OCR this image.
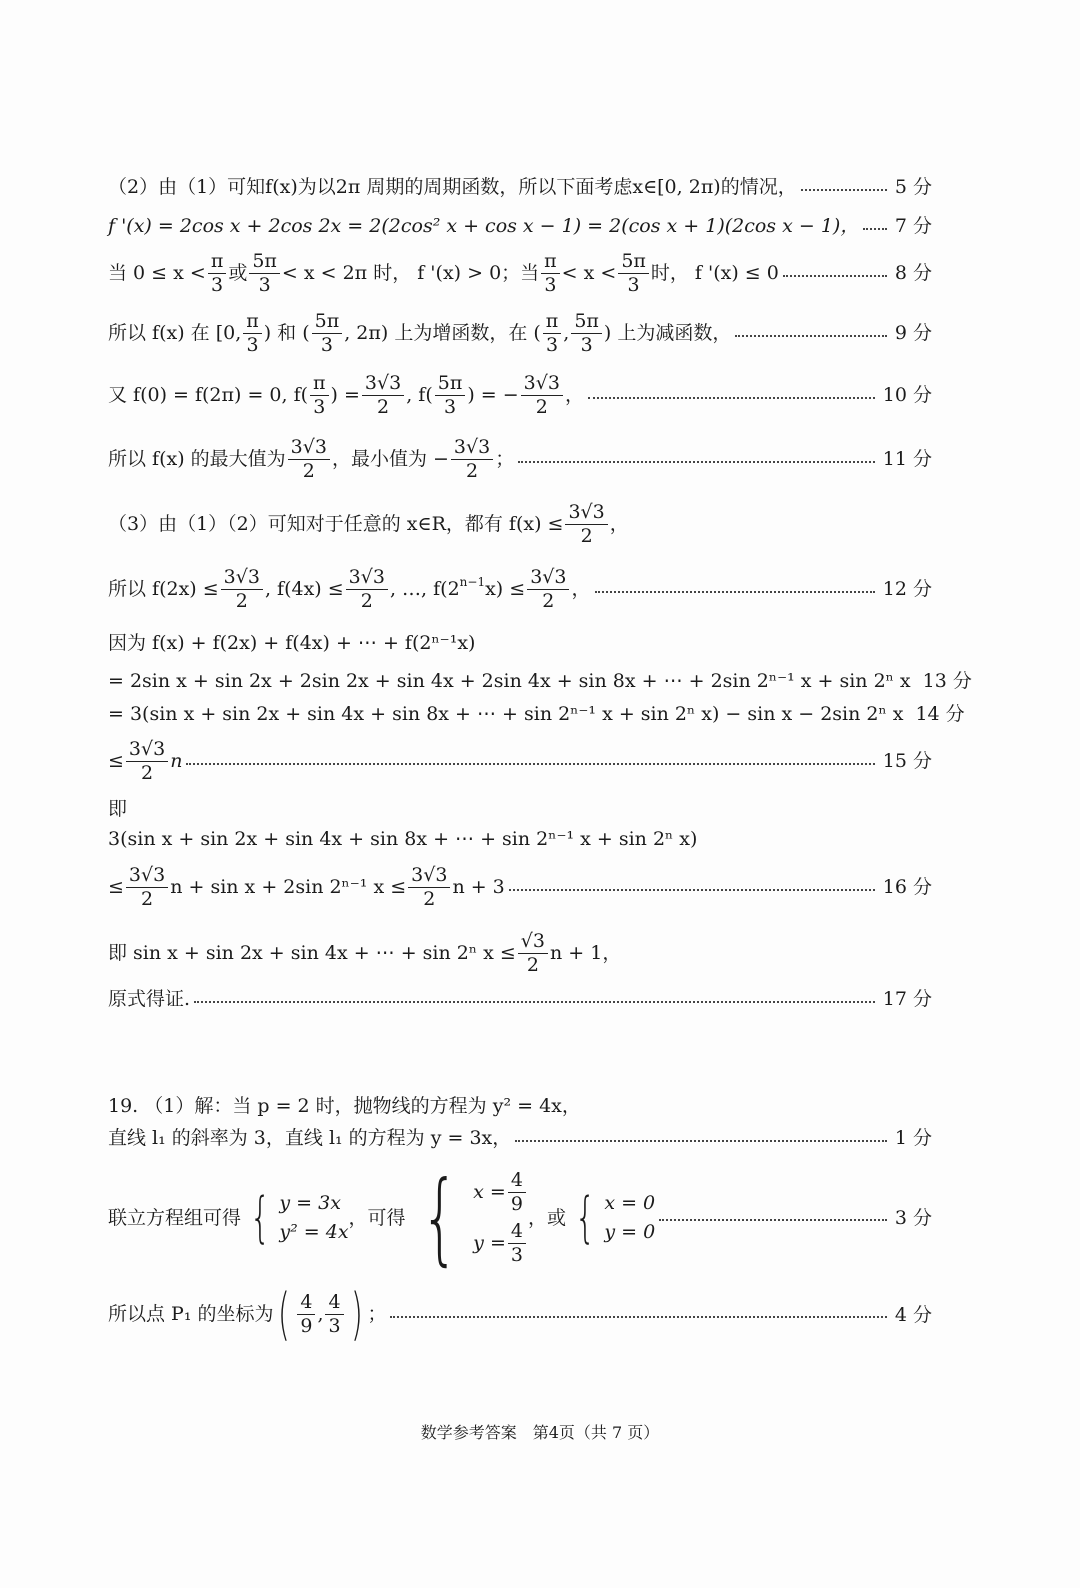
（2）由（1）可知f(x)为以2π 周期的周期函数，所以下面考虑x∈[0, 2π)的情况，	5 分
f '(x) = 2cos x + 2cos 2x = 2(2cos² x + cos x − 1) = 2(cos x + 1)(2cos x − 1)， 7 分
当 $0 \le x < \frac{\pi}{3}$ 或 $\frac{5\pi}{3} < x < 2\pi$ 时， f '(x) > 0；当 $\frac{\pi}{3} < x < \frac{5\pi}{3}$ 时， f '(x) ≤ 0	8 分
所以 f(x) 在 [0, $\frac{\pi}{3}$ ) 和 ( $\frac{5\pi}{3}$ , 2π) 上为增函数，在 ( $\frac{\pi}{3}$ , $\frac{5\pi}{3}$ ) 上为减函数，	9 分
又 f(0) = f(2π) = 0, $f( \frac{\pi}{3}$ ) = $\frac{3√3}{2}$ , $f( \frac{5\pi}{3}$ ) = − $\frac{3√3}{2}$ ，	10 分
所以 f(x) 的最大值为 $\frac{3√3}{2}$ ，最小值为 − $\frac{3√3}{2}$ ；	11 分
（3）由（1）（2）可知对于任意的 x∈R，都有 $f(x) \le \frac{3√3}{2}$ ，
所以 $f(2x) \le \frac{3√3}{2}$ , $f(4x) \le \frac{3√3}{2}$ , …, f(2 n−1 $x) \le \frac{3√3}{2}$ ，	12 分
因为 f(x) + f(2x) + f(4x) + ⋯ + f(2ⁿ⁻¹x)
= 2sin x + sin 2x + 2sin 2x + sin 4x + 2sin 4x + sin 8x + ⋯ + 2sin 2ⁿ⁻¹ x + sin 2ⁿ x 13 分
= 3(sin x + sin 2x + sin 4x + sin 8x + ⋯ + sin 2ⁿ⁻¹ x + sin 2ⁿ x) − sin x − 2sin 2ⁿ x 14 分
≤ $\frac{3√3}{2}$ n	15 分
即
3(sin x + sin 2x + sin 4x + sin 8x + ⋯ + sin 2ⁿ⁻¹ x + sin 2ⁿ x)
≤ $\frac{3√3}{2}$ n + sin x + 2sin 2ⁿ⁻¹ $x \le \frac{3√3}{2}$ n + 3	16 分
即 sin x + sin 2x + sin 4x + ⋯ + sin 2ⁿ $x \le \frac{√3}{2}$ n + 1，
原式得证.	17 分
19. （1）解：当 p = 2 时，抛物线的方程为 y² = 4x，
直线 l₁ 的斜率为 3，直线 l₁ 的方程为 y = 3x，	1 分
联立方程组可得 { y = 3x
y² = 4x
，可得 { $x = \frac{4}{9}$
$y = \frac{4}{3}$
，或 { x = 0
y = 0
3 分
所以点 P₁ 的坐标为 ( $\frac{4}{9}$ , $\frac{4}{3}$ ) ；	4 分
数学参考答案　第4页（共 7 页）
